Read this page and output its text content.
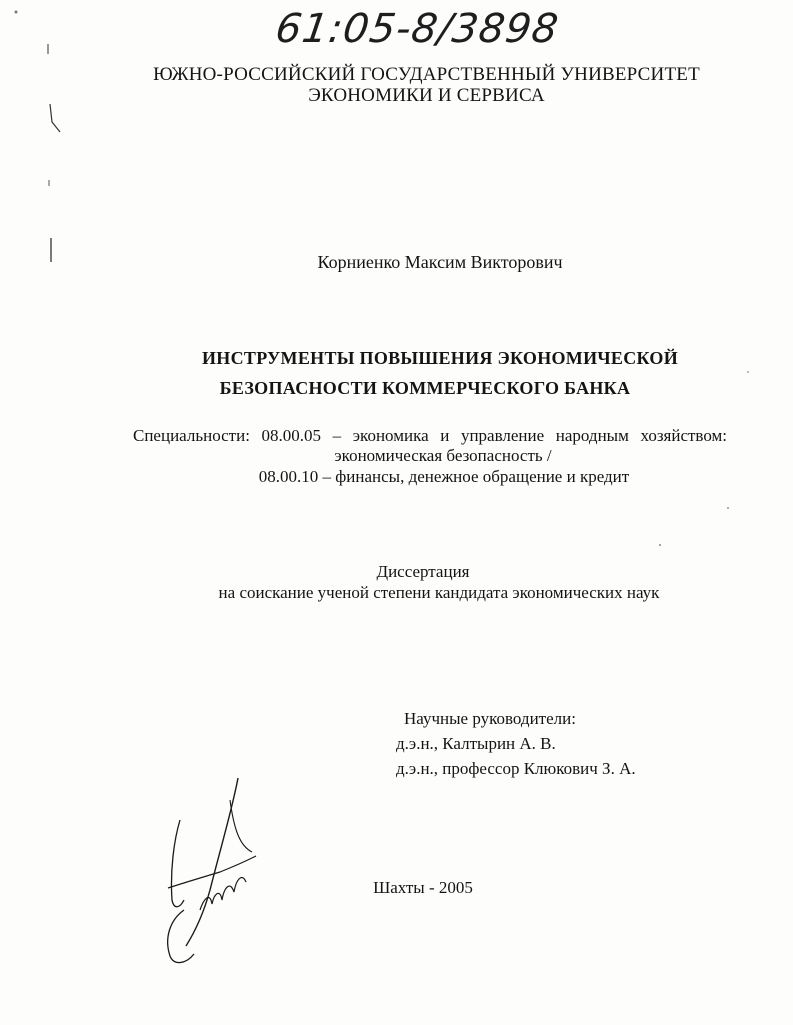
61:05-8/3898
ЮЖНО-РОССИЙСКИЙ ГОСУДАРСТВЕННЫЙ УНИВЕРСИТЕТ
ЭКОНОМИКИ И СЕРВИСА
Корниенко Максим Викторович
ИНСТРУМЕНТЫ ПОВЫШЕНИЯ ЭКОНОМИЧЕСКОЙ
БЕЗОПАСНОСТИ КОММЕРЧЕСКОГО БАНКА
Специальности: 08.00.05 – экономика и управление народным хозяйством:
экономическая безопасность /
08.00.10 – финансы, денежное обращение и кредит
Диссертация
на соискание ученой степени кандидата экономических наук
Научные руководители:
д.э.н., Калтырин А. В.
д.э.н., профессор Клюкович З. А.
Шахты - 2005
